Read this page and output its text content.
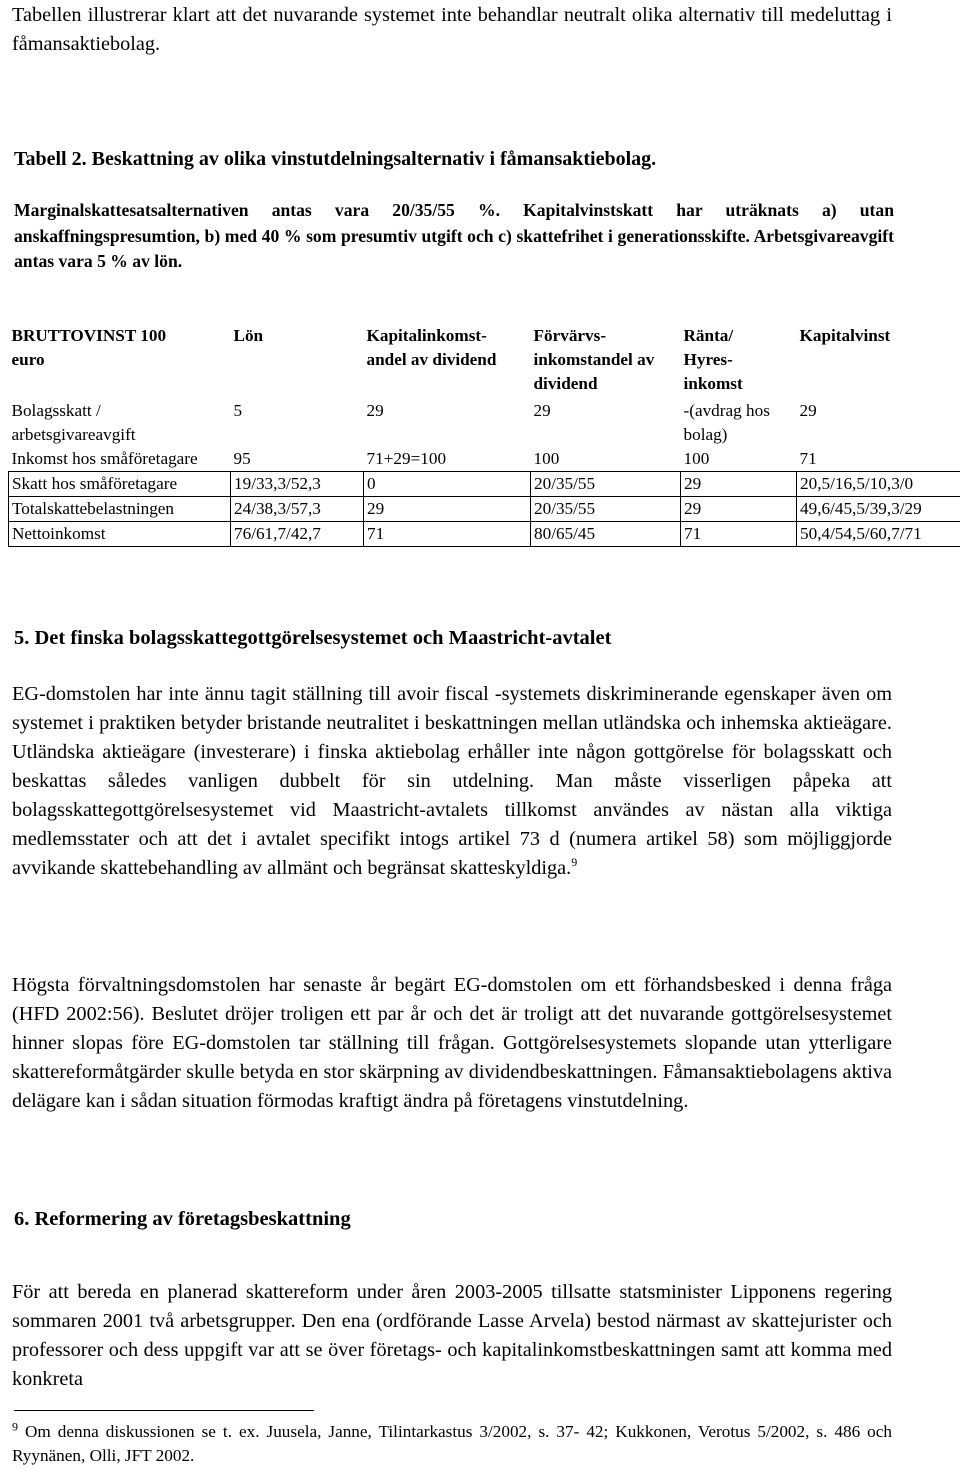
Tabellen illustrerar klart att det nuvarande systemet inte behandlar neutralt olika alternativ till medeluttag i fåmansaktiebolag.

Tabell 2. Beskattning av olika vinstutdelningsalternativ i fåmansaktiebolag.

Marginalskattesatsalternativen antas vara 20/35/55 %. Kapitalvinstskatt har uträknats a) utan anskaffningspresumtion, b) med 40 % som presumtiv utgift och c) skattefrihet i generationsskifte. Arbetsgivareavgift antas vara 5 % av lön.

BRUTTOVINST 100 euro	Lön	Kapitalinkomst-andel av dividend	Förvärvs-inkomstandel av dividend	Ränta/ Hyres-inkomst	Kapitalvinst
Bolagsskatt / arbetsgivareavgift	5	29	29	-(avdrag hos bolag)	29
Inkomst hos småföretagare	95	71+29=100	100	100	71
Skatt hos småföretagare	19/33,3/52,3	0	20/35/55	29	20,5/16,5/10,3/0
Totalskattebelastningen	24/38,3/57,3	29	20/35/55	29	49,6/45,5/39,3/29
Nettoinkomst	76/61,7/42,7	71	80/65/45	71	50,4/54,5/60,7/71
5. Det finska bolagsskattegottgörelsesystemet och Maastricht-avtalet

EG-domstolen har inte ännu tagit ställning till avoir fiscal -systemets diskriminerande egenskaper även om systemet i praktiken betyder bristande neutralitet i beskattningen mellan utländska och inhemska aktieägare. Utländska aktieägare (investerare) i finska aktiebolag erhåller inte någon gottgörelse för bolagsskatt och beskattas således vanligen dubbelt för sin utdelning. Man måste visserligen påpeka att bolagsskattegottgörelsesystemet vid Maastricht-avtalets tillkomst användes av nästan alla viktiga medlemsstater och att det i avtalet specifikt intogs artikel 73 d (numera artikel 58) som möjliggjorde avvikande skattebehandling av allmänt och begränsat skatteskyldiga.$^9$

Högsta förvaltningsdomstolen har senaste år begärt EG-domstolen om ett förhandsbesked i denna fråga (HFD 2002:56). Beslutet dröjer troligen ett par år och det är troligt att det nuvarande gottgörelsesystemet hinner slopas före EG-domstolen tar ställning till frågan. Gottgörelsesystemets slopande utan ytterligare skattereformåtgärder skulle betyda en stor skärpning av dividendbeskattningen. Fåmansaktiebolagens aktiva delägare kan i sådan situation förmodas kraftigt ändra på företagens vinstutdelning.

6. Reformering av företagsbeskattning

För att bereda en planerad skattereform under åren 2003-2005 tillsatte statsminister Lipponens regering sommaren 2001 två arbetsgrupper. Den ena (ordförande Lasse Arvela) bestod närmast av skattejurister och professorer och dess uppgift var att se över företags- och kapitalinkomstbeskattningen samt att komma med konkreta

$^9$ Om denna diskussionen se t. ex. Juusela, Janne, Tilintarkastus 3/2002, s. 37- 42; Kukkonen, Verotus 5/2002, s. 486 och Ryynänen, Olli, JFT 2002.
